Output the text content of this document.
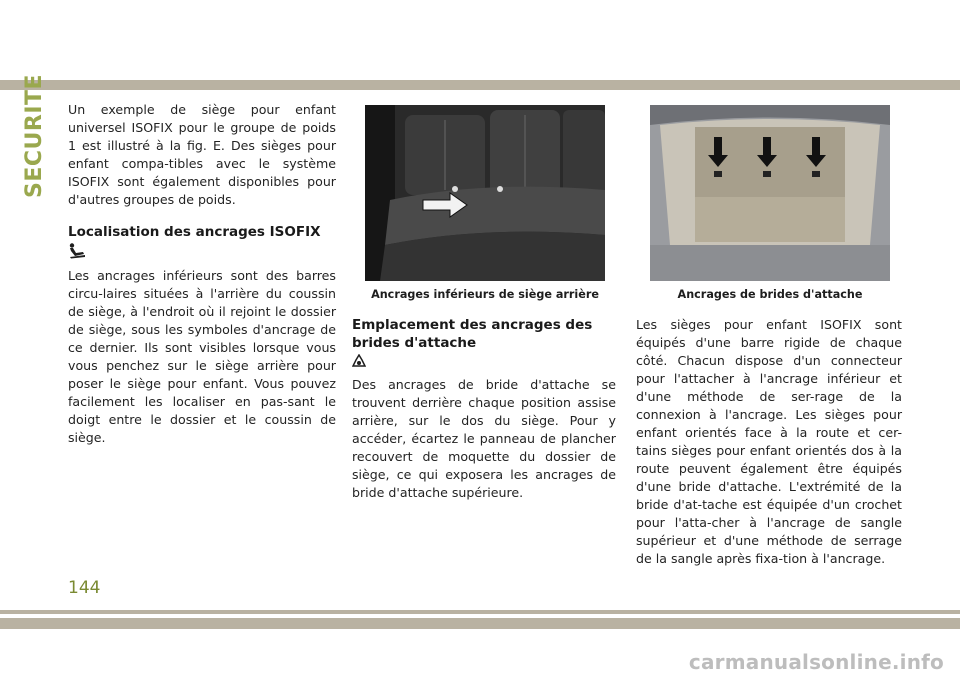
SECURITE Un exemple de siège pour enfant universel ISOFIX pour le groupe de poids 1 est illustré à la fig. E. Des sièges pour enfant compa-tibles avec le système ISOFIX sont également disponibles pour d'autres groupes de poids.

Localisation des ancrages ISOFIX

Les ancrages inférieurs sont des barres circu-laires situées à l'arrière du coussin de siège, à l'endroit où il rejoint le dossier de siège, sous les symboles d'ancrage de ce dernier. Ils sont visibles lorsque vous vous penchez sur le siège arrière pour poser le siège pour enfant. Vous pouvez facilement les localiser en pas-sant le doigt entre le dossier et le coussin de siège.

Ancrages inférieurs de siège arrière	Ancrages de brides d'attache
Emplacement des ancrages des brides d'attache

Des ancrages de bride d'attache se trouvent derrière chaque position assise arrière, sur le dos du siège. Pour y accéder, écartez le panneau de plancher recouvert de moquette du dossier de siège, ce qui exposera les ancrages de bride d'attache supérieure.

Les sièges pour enfant ISOFIX sont équipés d'une barre rigide de chaque côté. Chacun dispose d'un connecteur pour l'attacher à l'ancrage inférieur et d'une méthode de ser-rage de la connexion à l'ancrage. Les sièges pour enfant orientés face à la route et cer-tains sièges pour enfant orientés dos à la route peuvent également être équipés d'une bride d'attache. L'extrémité de la bride d'at-tache est équipée d'un crochet pour l'atta-cher à l'ancrage de sangle supérieur et d'une méthode de serrage de la sangle après fixa-tion à l'ancrage.

144
carmanualsonline.info
